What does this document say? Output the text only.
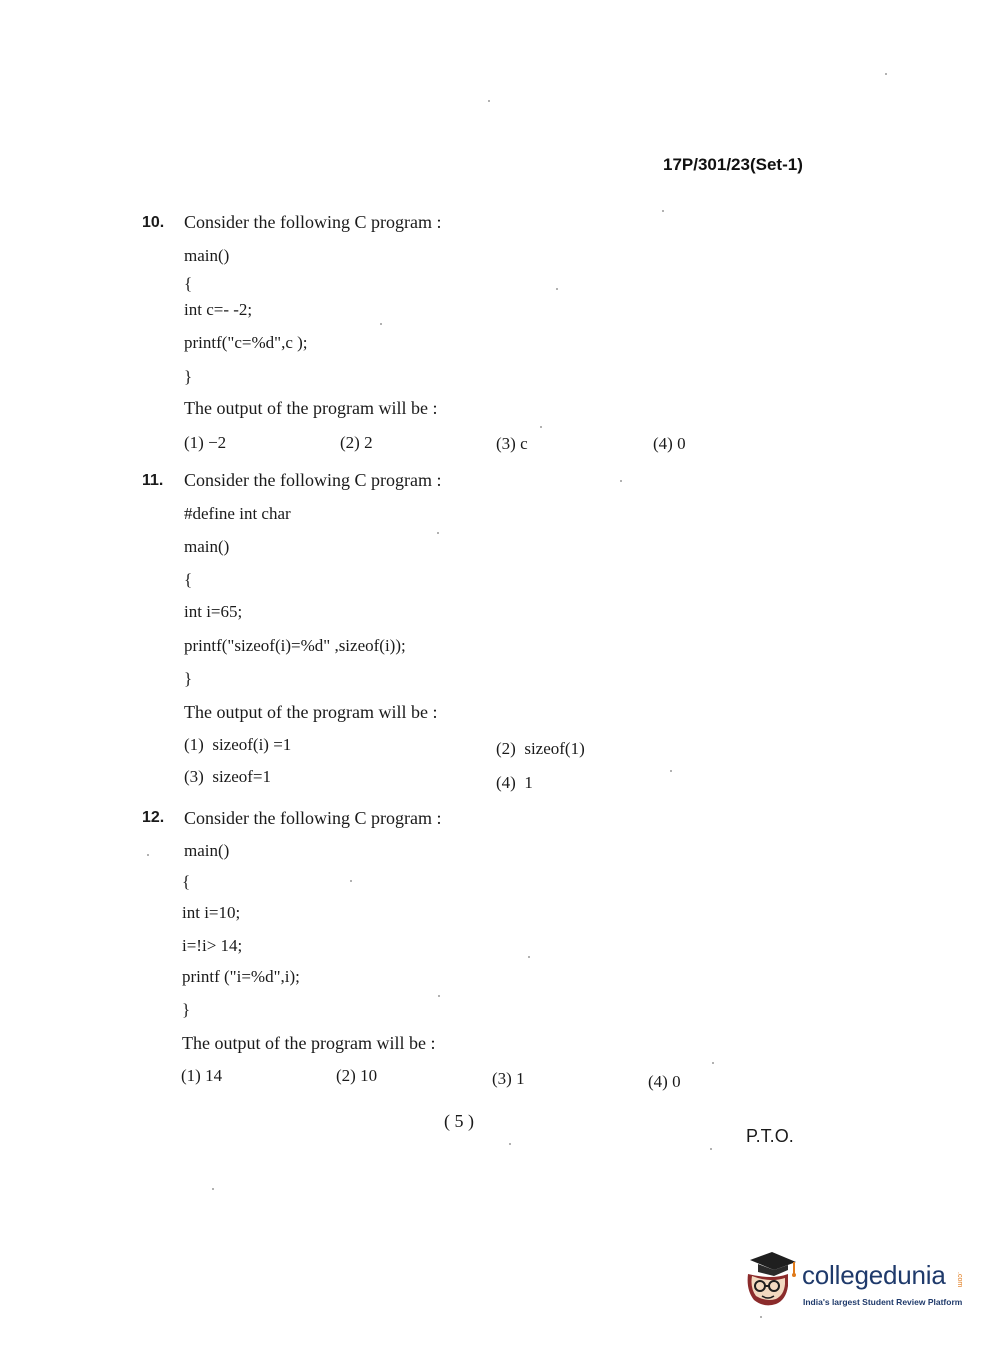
17P/301/23(Set-1)
10. Consider the following C program :
main()
{
int c=- -2;
printf("c=%d",c );
}
The output of the program will be :
(1) −2	(2) 2	(3) c	(4) 0
11. Consider the following C program :
#define int char
main()
{
int i=65;
printf("sizeof(i)=%d" ,sizeof(i));
}
The output of the program will be :
(1) sizeof(i) =1	(2) sizeof(1)
(3) sizeof=1	(4) 1
12. Consider the following C program :
main()
{
int i=10;
i=!i> 14;
printf ("i=%d",i);
}
The output of the program will be :
(1) 14	(2) 10	(3) 1	(4) 0
( 5 )
P.T.O.
collegedunia .com
India's largest Student Review Platform
